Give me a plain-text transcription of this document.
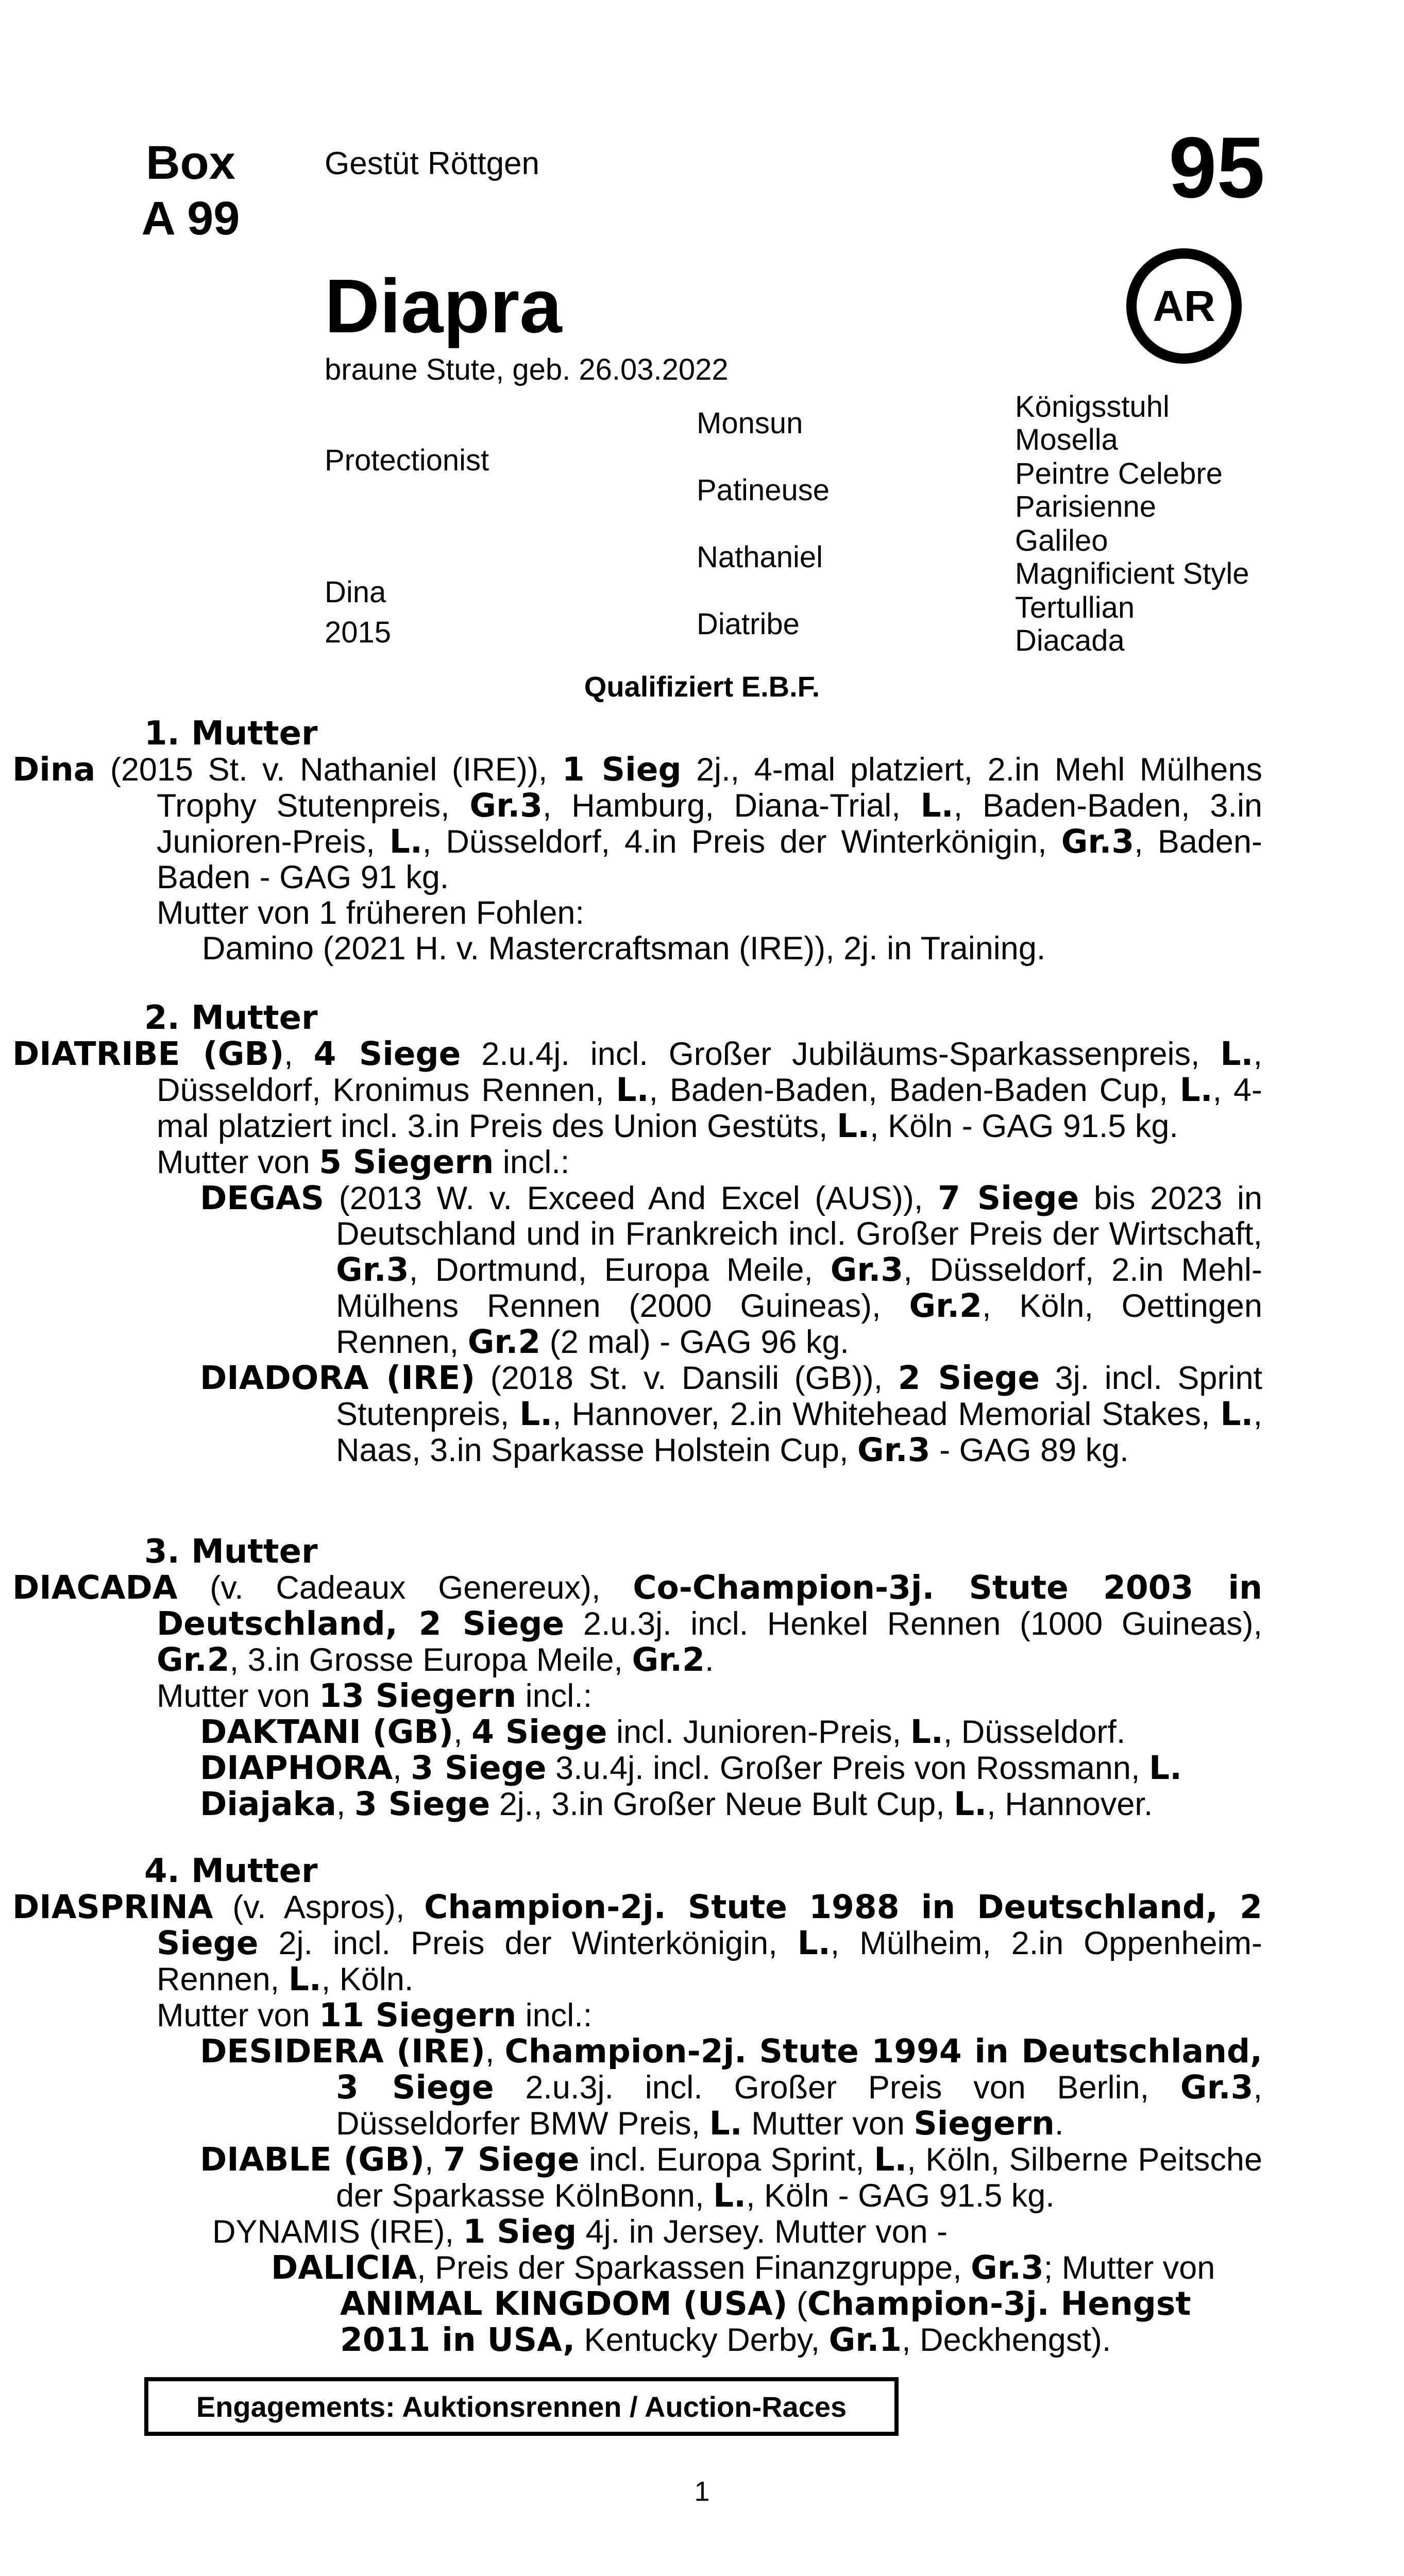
Box
A 99
Gestüt Röttgen	95
AR
Diapra
braune Stute, geb. 26.03.2022
Protectionist
Dina
2015
Monsun
Patineuse
Nathaniel
Diatribe
Königsstuhl
Mosella
Peintre Celebre
Parisienne
Galileo
Magnificient Style
Tertullian
Diacada
Qualifiziert E.B.F.

1. Mutter

Dina (2015 St. v. Nathaniel (IRE)), 1 Sieg 2j., 4-mal platziert, 2.in Mehl Mülhens Trophy Stutenpreis, Gr.3, Hamburg, Diana-Trial, L., Baden-Baden, 3.in Junioren-Preis, L., Düsseldorf, 4.in Preis der Winterkönigin, Gr.3, Baden-Baden - GAG 91 kg.

Mutter von 1 früheren Fohlen:

Damino (2021 H. v. Mastercraftsman (IRE)), 2j. in Training.

2. Mutter

DIATRIBE (GB), 4 Siege 2.u.4j. incl. Großer Jubiläums-Sparkassenpreis, L., Düsseldorf, Kronimus Rennen, L., Baden-Baden, Baden-Baden Cup, L., 4-mal platziert incl. 3.in Preis des Union Gestüts, L., Köln - GAG 91.5 kg.

Mutter von 5 Siegern incl.:

DEGAS (2013 W. v. Exceed And Excel (AUS)), 7 Siege bis 2023 in Deutschland und in Frankreich incl. Großer Preis der Wirtschaft, Gr.3, Dortmund, Europa Meile, Gr.3, Düsseldorf, 2.in Mehl-Mülhens Rennen (2000 Guineas), Gr.2, Köln, Oettingen Rennen, Gr.2 (2 mal) - GAG 96 kg.

DIADORA (IRE) (2018 St. v. Dansili (GB)), 2 Siege 3j. incl. Sprint Stutenpreis, L., Hannover, 2.in Whitehead Memorial Stakes, L., Naas, 3.in Sparkasse Holstein Cup, Gr.3 - GAG 89 kg.

3. Mutter

DIACADA (v. Cadeaux Genereux), Co-Champion-3j. Stute 2003 in Deutschland, 2 Siege 2.u.3j. incl. Henkel Rennen (1000 Guineas), Gr.2, 3.in Grosse Europa Meile, Gr.2.

Mutter von 13 Siegern incl.:

DAKTANI (GB), 4 Siege incl. Junioren-Preis, L., Düsseldorf.

DIAPHORA, 3 Siege 3.u.4j. incl. Großer Preis von Rossmann, L.

Diajaka, 3 Siege 2j., 3.in Großer Neue Bult Cup, L., Hannover.

4. Mutter

DIASPRINA (v. Aspros), Champion-2j. Stute 1988 in Deutschland, 2 Siege 2j. incl. Preis der Winterkönigin, L., Mülheim, 2.in Oppenheim-Rennen, L., Köln.

Mutter von 11 Siegern incl.:

DESIDERA (IRE), Champion-2j. Stute 1994 in Deutschland, 3 Siege 2.u.3j. incl. Großer Preis von Berlin, Gr.3, Düsseldorfer BMW Preis, L. Mutter von Siegern.

DIABLE (GB), 7 Siege incl. Europa Sprint, L., Köln, Silberne Peitsche der Sparkasse KölnBonn, L., Köln - GAG 91.5 kg.

DYNAMIS (IRE), 1 Sieg 4j. in Jersey. Mutter von -

DALICIA, Preis der Sparkassen Finanzgruppe, Gr.3; Mutter von ANIMAL KINGDOM (USA) (Champion-3j. Hengst 2011 in USA, Kentucky Derby, Gr.1, Deckhengst).

Engagements: Auktionsrennen / Auction-Races
1
